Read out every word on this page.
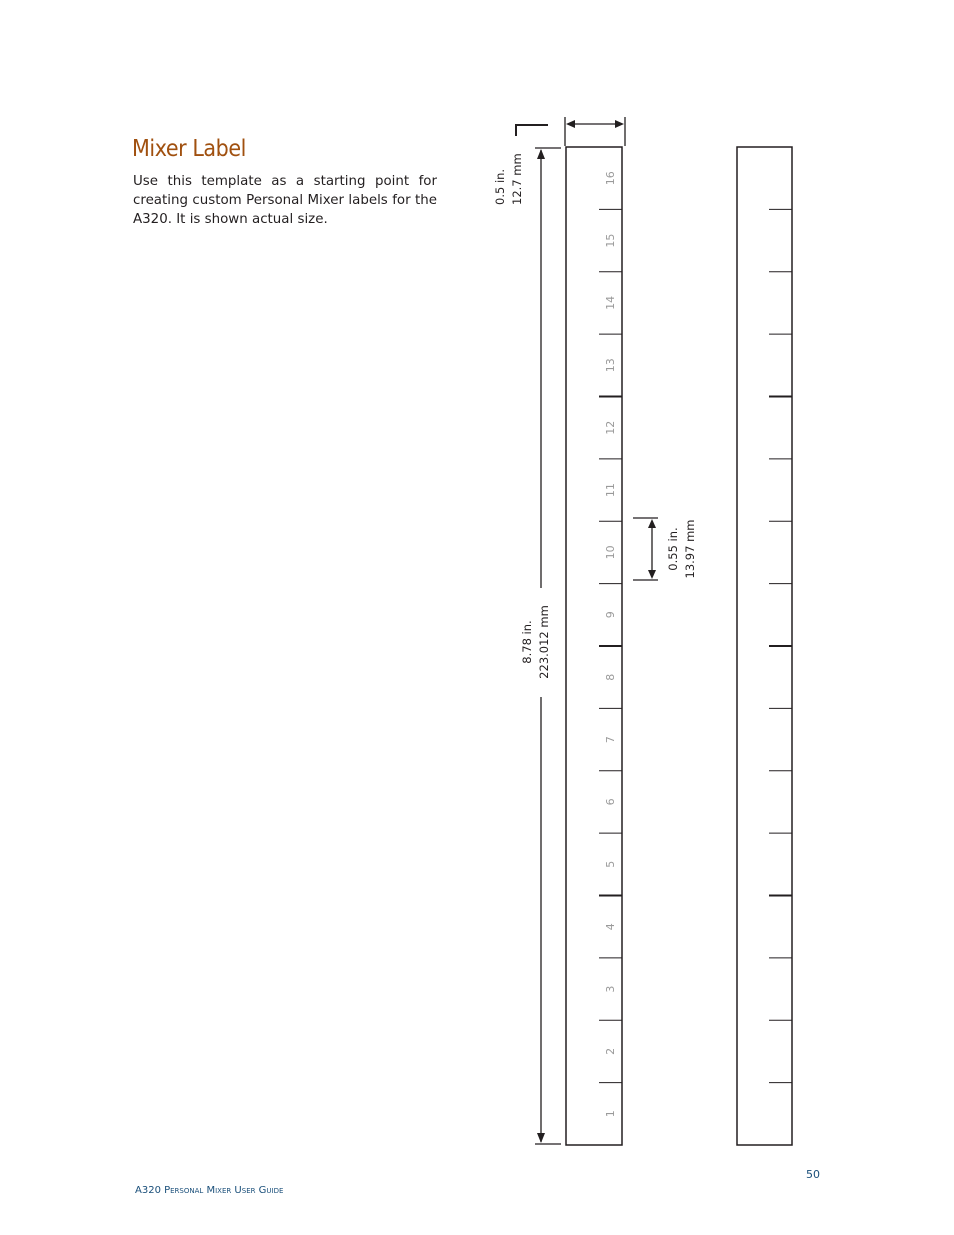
Mixer Label

Use this template as a starting point for creating custom Personal Mixer labels for the A320. It is shown actual size.

0.5 in. 12.7 mm
8.78 in. 223.012 mm
0.55 in. 13.97 mm
1
2
3
4
5
6
7
8
9
10
11
12
13
14
15
16
50
A320 Personal Mixer User Guide
